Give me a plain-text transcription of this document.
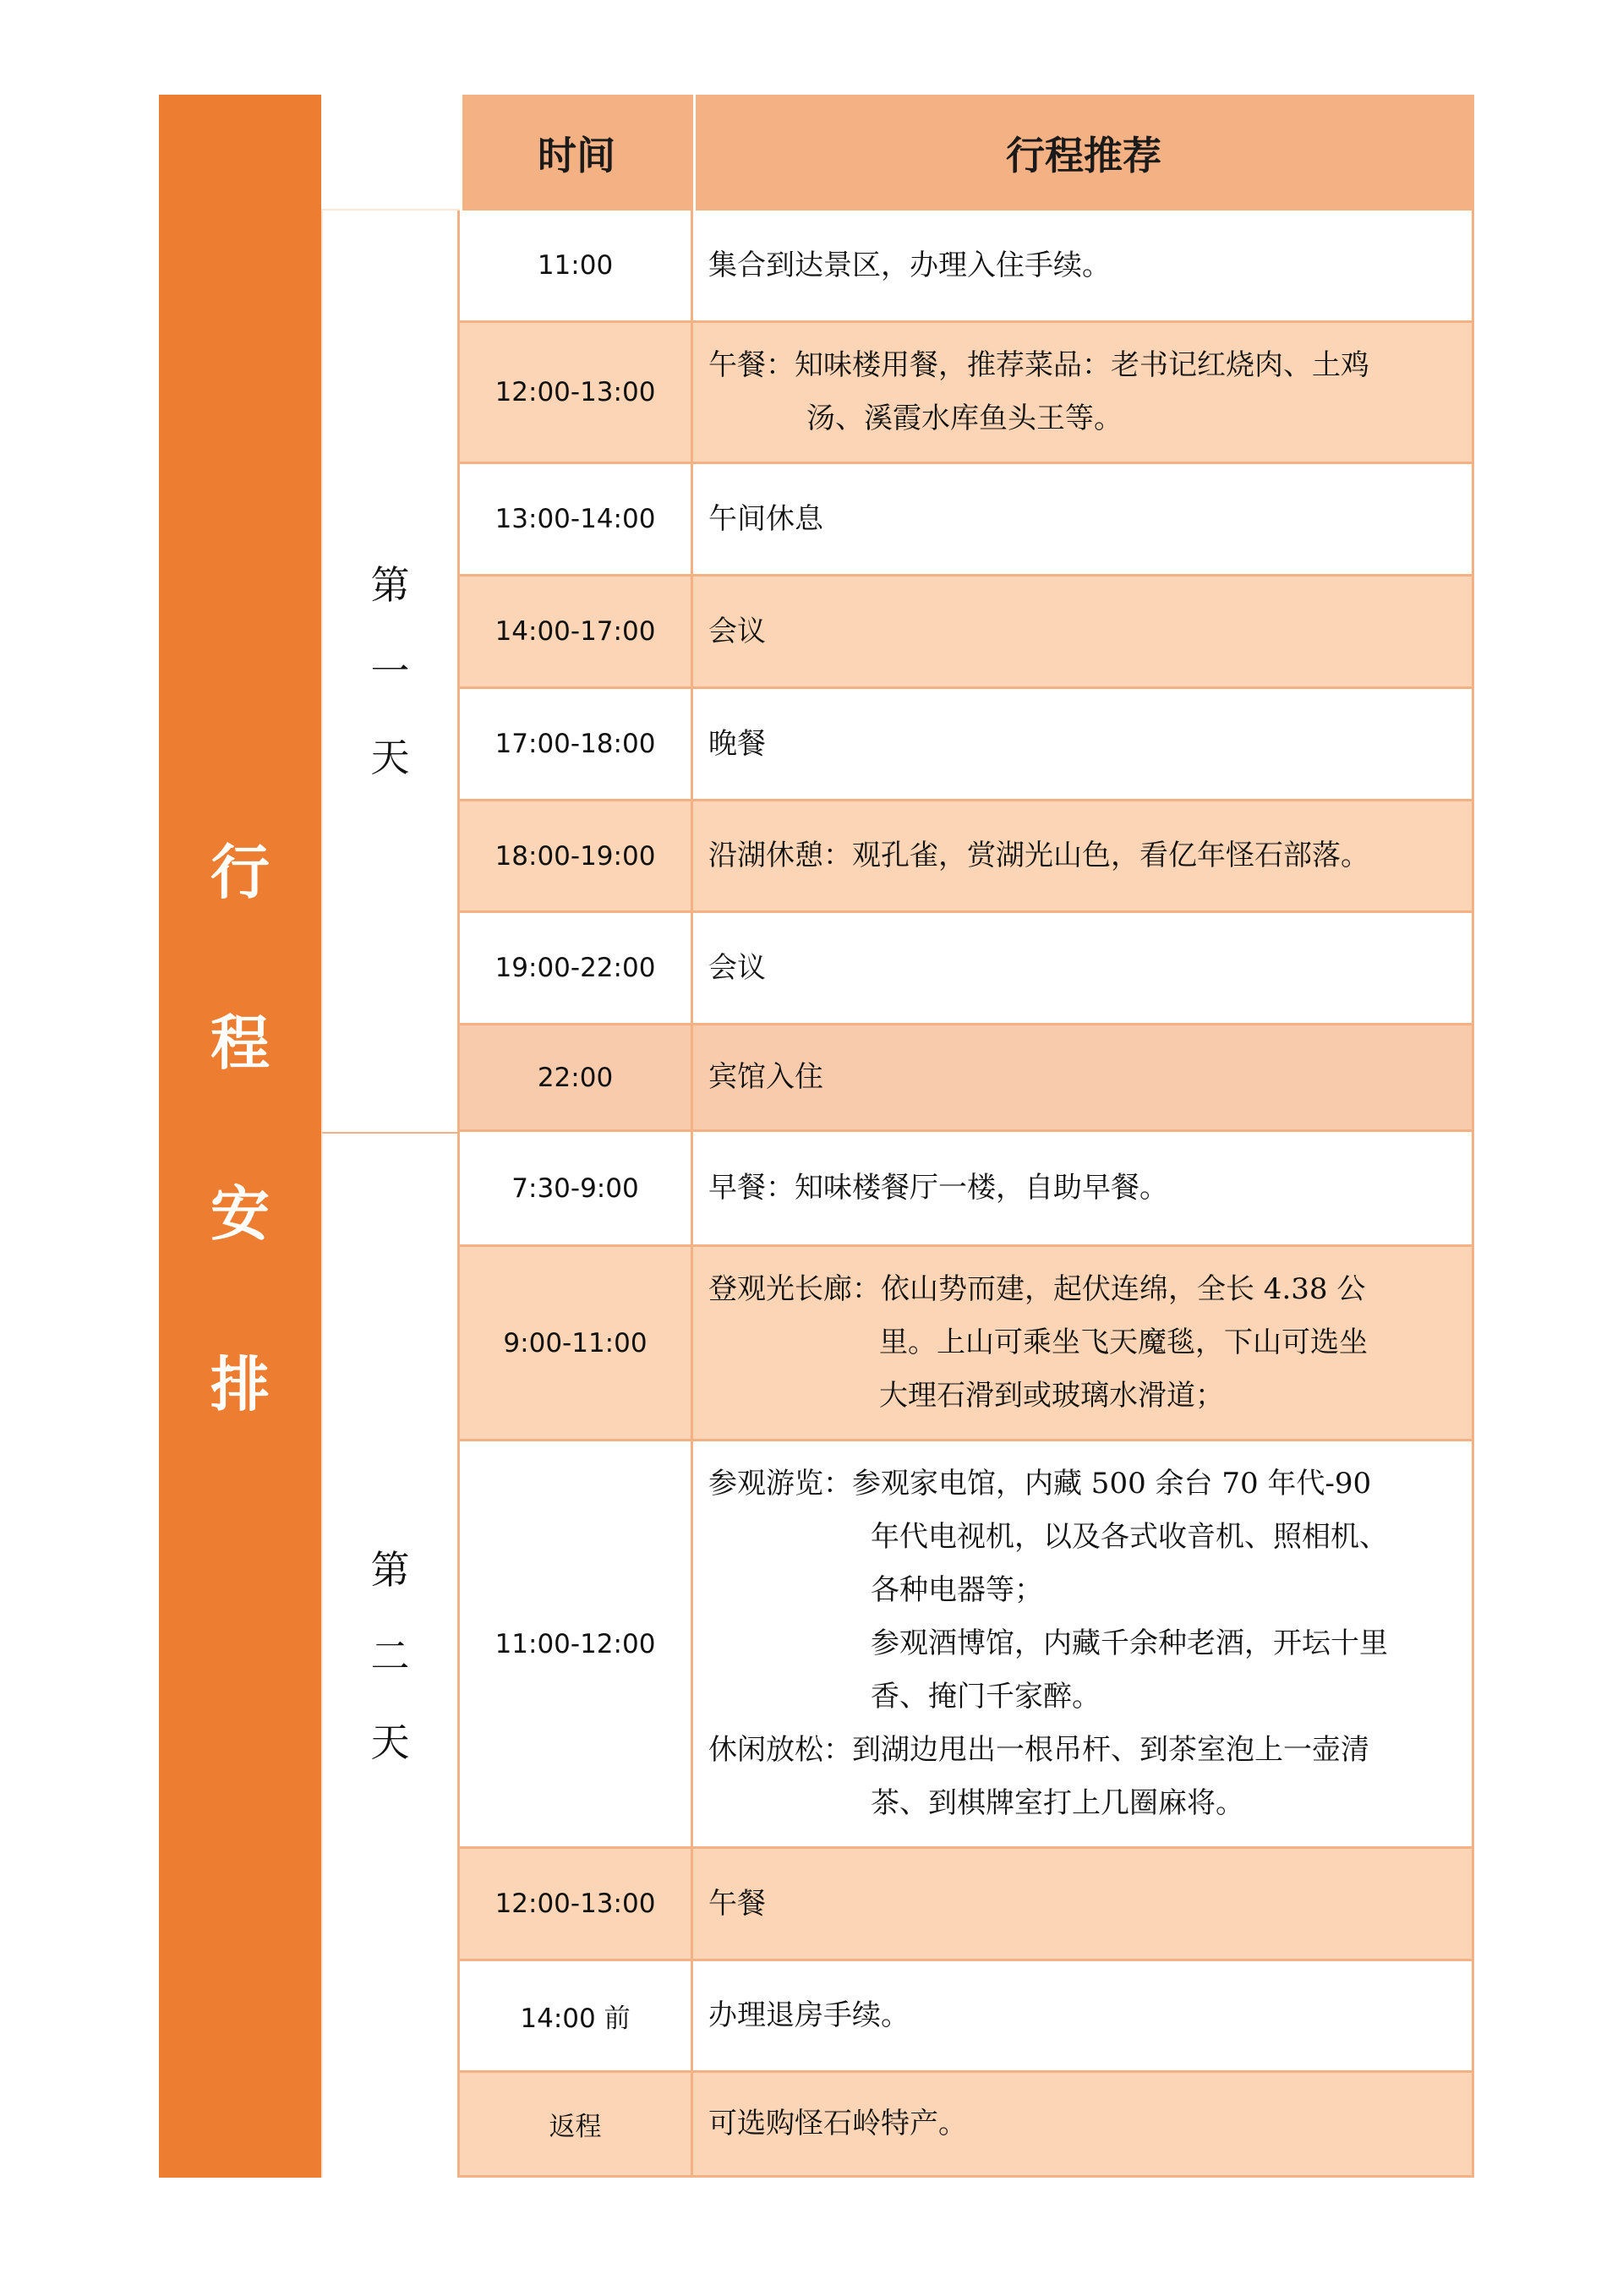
行
程
安
排
时间	行程推荐
第
一
天
第
二
天
11:00	集合到达景区，办理入住手续。
12:00-13:00
午餐：知味楼用餐，推荐菜品：老书记红烧肉、土鸡
汤、溪霞水库鱼头王等。
13:00-14:00	午间休息
14:00-17:00	会议
17:00-18:00	晚餐
18:00-19:00	沿湖休憩：观孔雀，赏湖光山色，看亿年怪石部落。
19:00-22:00	会议
22:00	宾馆入住
7:30-9:00	早餐：知味楼餐厅一楼，自助早餐。
9:00-11:00
登观光长廊：依山势而建，起伏连绵，全长 4.38 公
里。上山可乘坐飞天魔毯，下山可选坐
大理石滑到或玻璃水滑道；
11:00-12:00
参观游览：参观家电馆，内藏 500 余台 70 年代-90
年代电视机，以及各式收音机、照相机、
各种电器等；
参观酒博馆，内藏千余种老酒，开坛十里
香、掩门千家醉。
休闲放松：到湖边甩出一根吊杆、到茶室泡上一壶清
茶、到棋牌室打上几圈麻将。
12:00-13:00	午餐
14:00 前	办理退房手续。
返程	可选购怪石岭特产。
